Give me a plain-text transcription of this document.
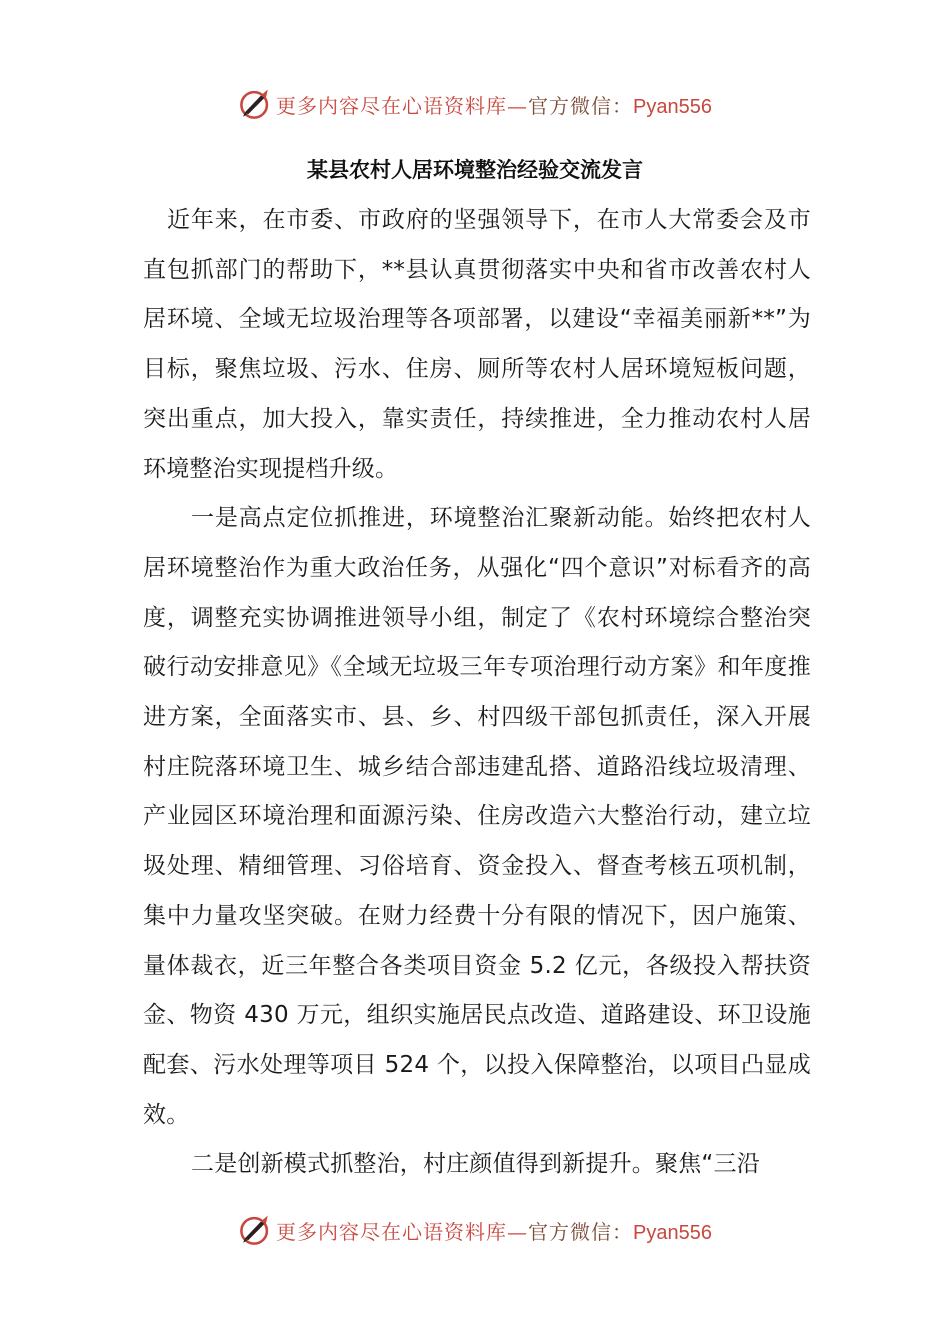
更多内容尽在心语资料库—官方微信：Pyan556
某县农村人居环境整治经验交流发言

近年来，在市委、市政府的坚强领导下，在市人大常委会及市直包抓部门的帮助下，**县认真贯彻落实中央和省市改善农村人居环境、全域无垃圾治理等各项部署，以建设“幸福美丽新**”为目标，聚焦垃圾、污水、住房、厕所等农村人居环境短板问题，突出重点，加大投入，靠实责任，持续推进，全力推动农村人居环境整治实现提档升级。

一是高点定位抓推进，环境整治汇聚新动能。始终把农村人居环境整治作为重大政治任务，从强化“四个意识”对标看齐的高度，调整充实协调推进领导小组，制定了《农村环境综合整治突破行动安排意见》《全域无垃圾三年专项治理行动方案》和年度推进方案，全面落实市、县、乡、村四级干部包抓责任，深入开展村庄院落环境卫生、城乡结合部违建乱搭、道路沿线垃圾清理、产业园区环境治理和面源污染、住房改造六大整治行动，建立垃圾处理、精细管理、习俗培育、资金投入、督查考核五项机制，集中力量攻坚突破。在财力经费十分有限的情况下，因户施策、量体裁衣，近三年整合各类项目资金 5.2 亿元，各级投入帮扶资金、物资 430 万元，组织实施居民点改造、道路建设、环卫设施配套、污水处理等项目 524 个，以投入保障整治，以项目凸显成效。

二是创新模式抓整治，村庄颜值得到新提升。聚焦“三沿

更多内容尽在心语资料库—官方微信：Pyan556
